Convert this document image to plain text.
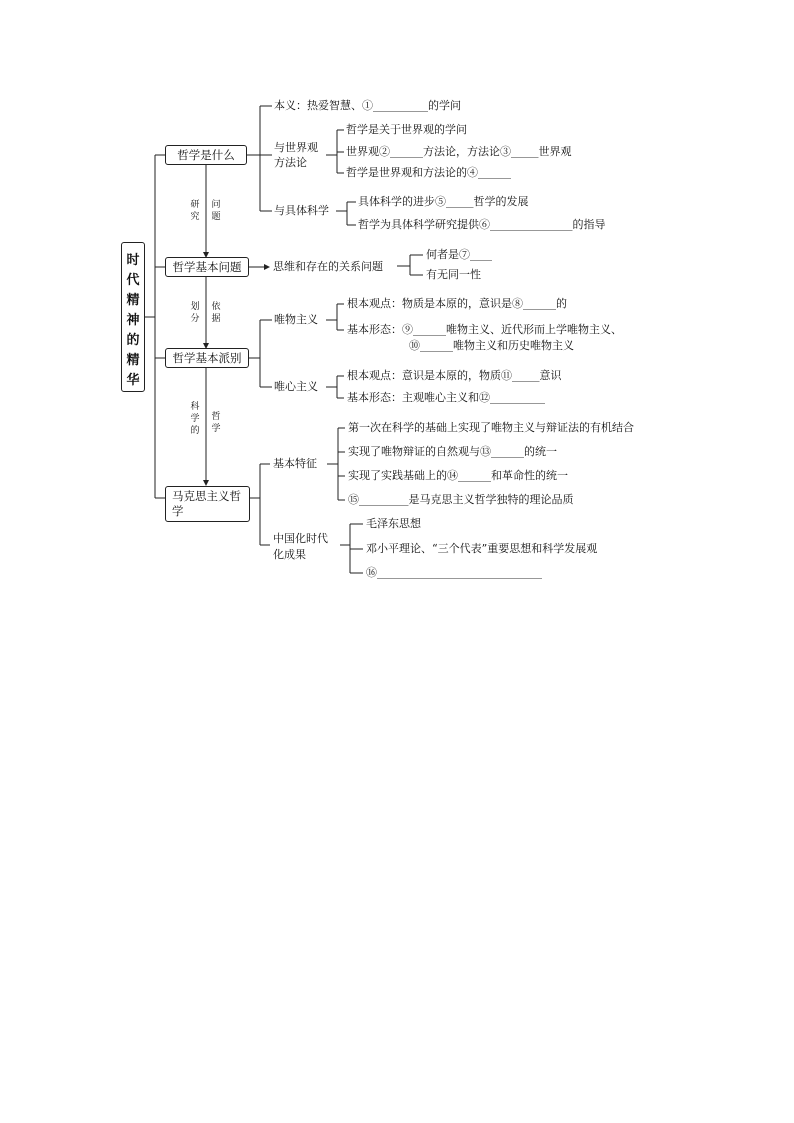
时
代
精
神
的
精
华
哲学是什么
哲学基本问题
哲学基本派别
马克思主义哲学
研究
问题
划分
依据
科学的
哲学
本义：热爱智慧、①__________的学问
与世界观
方法论
哲学是关于世界观的学问
世界观②______方法论，方法论③_____世界观
哲学是世界观和方法论的④______
与具体科学
具体科学的进步⑤_____哲学的发展
哲学为具体科学研究提供⑥_______________的指导
思维和存在的关系问题
何者是⑦____
有无同一性
唯物主义
根本观点：物质是本原的，意识是⑧______的
基本形态：⑨______唯物主义、近代形而上学唯物主义、
⑩______唯物主义和历史唯物主义
唯心主义
根本观点：意识是本原的，物质⑪_____意识
基本形态：主观唯心主义和⑫__________
基本特征
第一次在科学的基础上实现了唯物主义与辩证法的有机结合
实现了唯物辩证的自然观与⑬______的统一
实现了实践基础上的⑭______和革命性的统一
⑮_________是马克思主义哲学独特的理论品质
中国化时代
化成果
毛泽东思想
邓小平理论、“三个代表”重要思想和科学发展观
⑯______________________________
